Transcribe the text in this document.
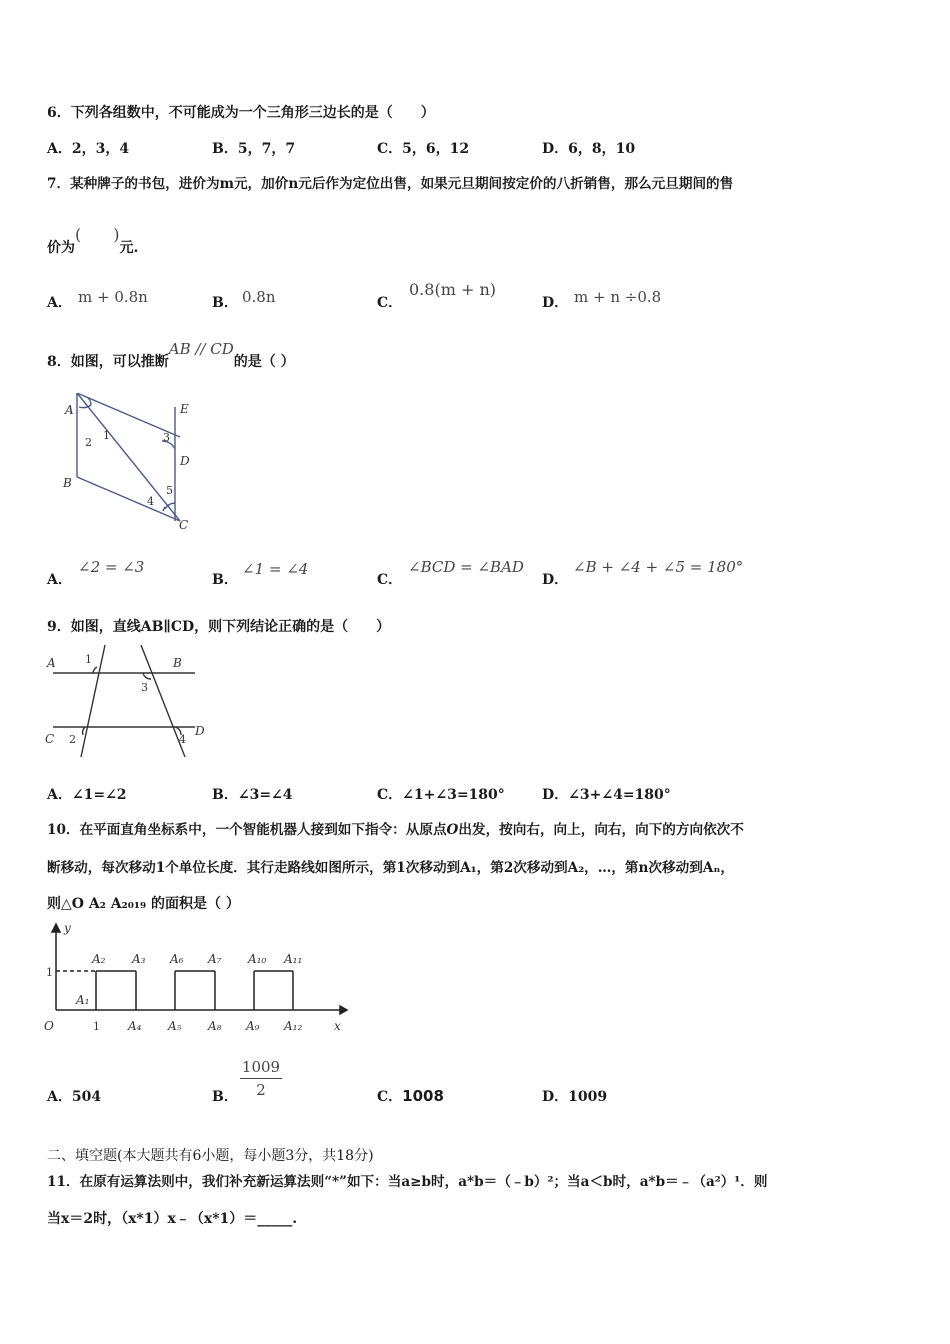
6．下列各组数中，不可能成为一个三角形三边长的是（　　）
A．2，3，4	B．5，7，7	C．5，6，12	D．6，8，10
7．某种牌子的书包，进价为m元，加价n元后作为定位出售，如果元旦期间按定价的八折销售，那么元旦期间的售
价为(　　)元.
A． m + 0.8n	B． 0.8n	C．
0.8(m + n)
D． m + n ÷0.8
8．如图，可以推断AB // CD的是（ ）
A
B
C
D
E
1
2	3
4
5
A．
∠2 = ∠3
B．
∠1 = ∠4
C．
∠BCD = ∠BAD
D．
∠B + ∠4 + ∠5 = 180°
9．如图，直线AB∥CD，则下列结论正确的是（　　）
A	B
C
D
1
2
3
4
A．∠1=∠2	B．∠3=∠4	C．∠1+∠3=180°	D．∠3+∠4=180°
10．在平面直角坐标系中，一个智能机器人接到如下指令：从原点O出发，按向右，向上，向右，向下的方向依次不
断移动，每次移动1个单位长度．其行走路线如图所示，第1次移动到A₁，第2次移动到A₂，…，第n次移动到Aₙ，
则△O A₂ A₂₀₁₉ 的面积是（ ）
y
x
O
1
1
A₁
A₂ A₃
A₄ A₅
A₆ A₇
A₈ A₉
A₁₀ A₁₁
A₁₂
A．504	B．
1009
2	C．1008	D．1009
二、填空题(本大题共有6小题，每小题3分，共18分)
11．在原有运算法则中，我们补充新运算法则“*”如下：当a≥b时，a*b＝（﹣b）²；当a＜b时，a*b＝﹣（a²）¹．则
当x＝2时，（x*1）x﹣（x*1）＝_____.
